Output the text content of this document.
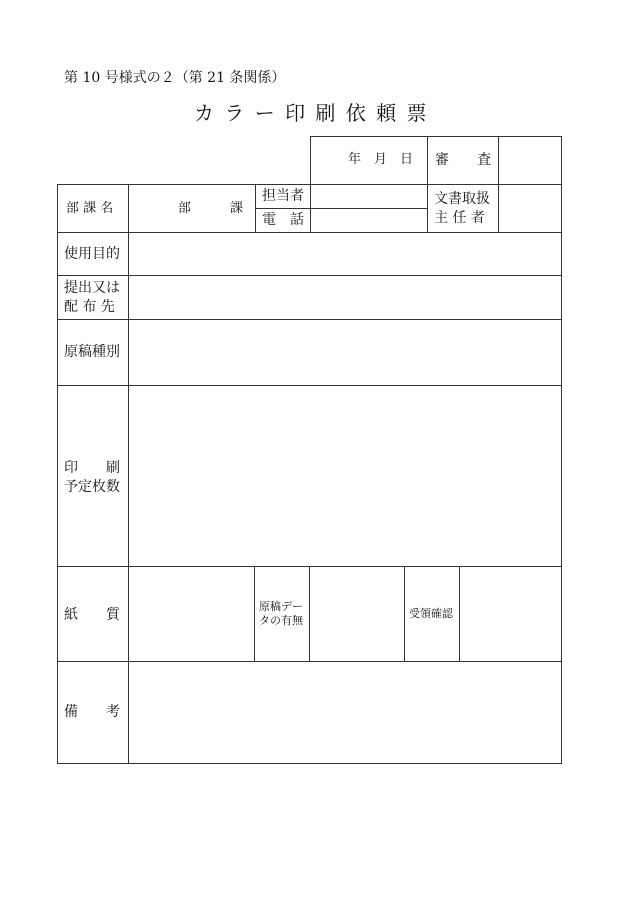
第 10 号様式の２（第 21 条関係）
カ ラ ー 印 刷 依 頼 票
年　月　日 審　　査
部 課 名	部　　　課
担当者
電　話
文書取扱
主 任 者
使用目的
提出又は
配 布 先
原稿種別
印　　刷
予定枚数
紙　　質
原稿デー
タの有無
受領確認
備　　考
